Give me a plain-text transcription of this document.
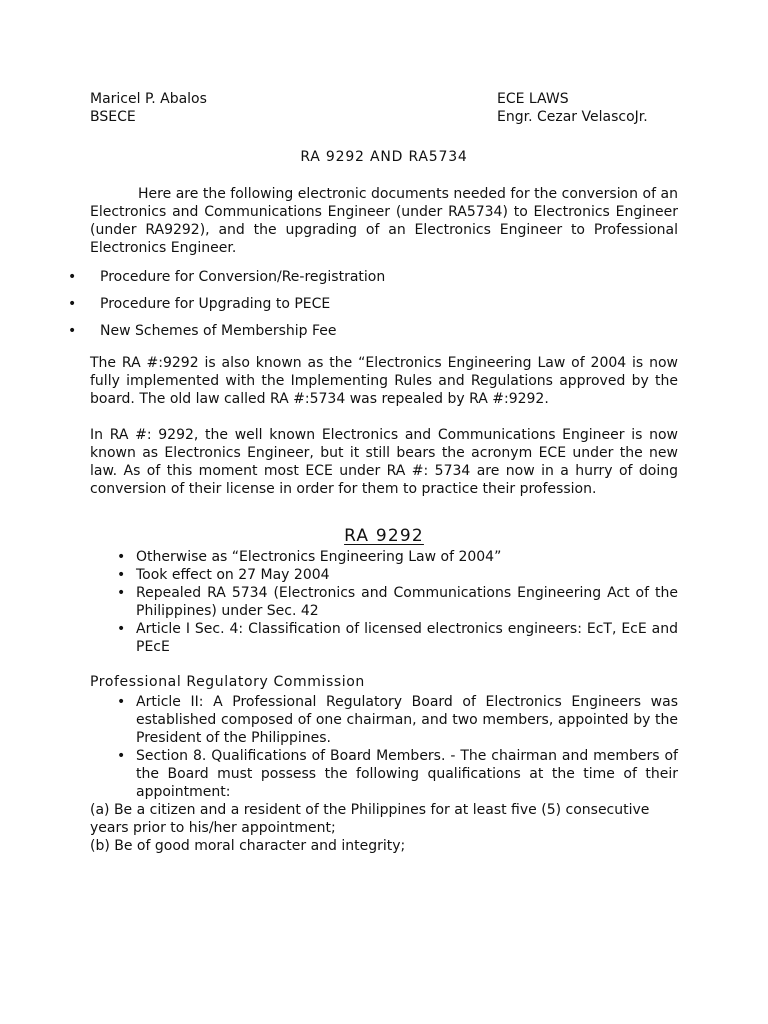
Maricel P. Abalos
BSECE
ECE LAWS
Engr. Cezar VelascoJr.
RA 9292 AND RA5734

Here are the following electronic documents needed for the conversion of an Electronics and Communications Engineer (under RA5734) to Electronics Engineer (under RA9292), and the upgrading of an Electronics Engineer to Professional Electronics Engineer.

• Procedure for Conversion/Re-registration
• Procedure for Upgrading to PECE
• New Schemes of Membership Fee

The RA #:9292 is also known as the “Electronics Engineering Law of 2004 is now fully implemented with the Implementing Rules and Regulations approved by the board. The old law called RA #:5734 was repealed by RA #:9292.

In RA #: 9292, the well known Electronics and Communications Engineer is now known as Electronics Engineer, but it still bears the acronym ECE under the new law. As of this moment most ECE under RA #: 5734 are now in a hurry of doing conversion of their license in order for them to practice their profession.

RA 9292
• Otherwise as “Electronics Engineering Law of 2004”
• Took effect on 27 May 2004
• Repealed RA 5734 (Electronics and Communications Engineering Act of the Philippines) under Sec. 42
• Article I Sec. 4: Classification of licensed electronics engineers: EcT, EcE and PEcE
Professional Regulatory Commission
• Article II: A Professional Regulatory Board of Electronics Engineers was established composed of one chairman, and two members, appointed by the President of the Philippines.
• Section 8. Qualifications of Board Members. - The chairman and members of the Board must possess the following qualifications at the time of their appointment:

(a) Be a citizen and a resident of the Philippines for at least five (5) consecutive years prior to his/her appointment;

(b) Be of good moral character and integrity;
